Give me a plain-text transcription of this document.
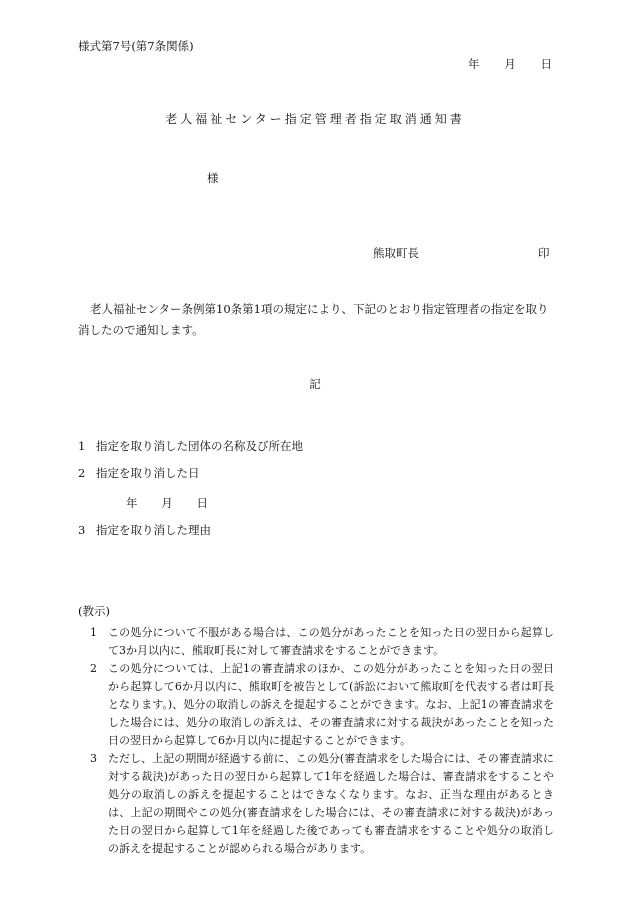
様式第7号(第7条関係)
年 月 日
老人福祉センター指定管理者指定取消通知書
様
熊取町長	印
老人福祉センター条例第10条第1項の規定により、下記のとおり指定管理者の指定を取り消したので通知します。
記
1 指定を取り消した団体の名称及び所在地
2 指定を取り消した日
年 月 日
3 指定を取り消した理由
(教示)
1 この処分について不服がある場合は、この処分があったことを知った日の翌日から起算して3か月以内に、熊取町長に対して審査請求をすることができます。
2 この処分については、上記1の審査請求のほか、この処分があったことを知った日の翌日から起算して6か月以内に、熊取町を被告として(訴訟において熊取町を代表する者は町長となります。)、処分の取消しの訴えを提起することができます。なお、上記1の審査請求をした場合には、処分の取消しの訴えは、その審査請求に対する裁決があったことを知った日の翌日から起算して6か月以内に提起することができます。
3 ただし、上記の期間が経過する前に、この処分(審査請求をした場合には、その審査請求に対する裁決)があった日の翌日から起算して1年を経過した場合は、審査請求をすることや処分の取消しの訴えを提起することはできなくなります。なお、正当な理由があるときは、上記の期間やこの処分(審査請求をした場合には、その審査請求に対する裁決)があった日の翌日から起算して1年を経過した後であっても審査請求をすることや処分の取消しの訴えを提起することが認められる場合があります。
